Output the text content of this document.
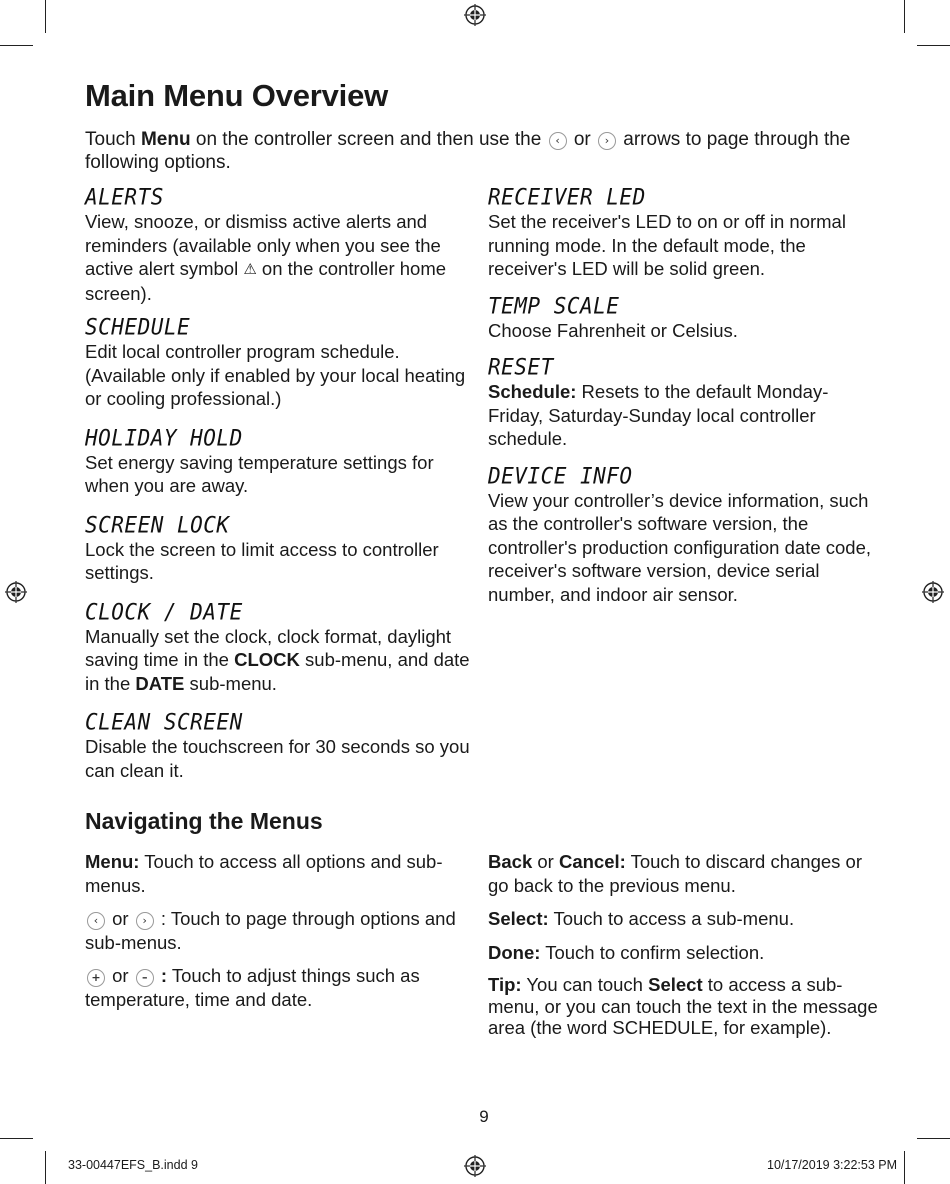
Main Menu Overview
Touch Menu on the controller screen and then use the ‹ or › arrows to page through the following options.
ALERTS
View, snooze, or dismiss active alerts and reminders (available only when you see the active alert symbol ⚠ on the controller home screen).
SCHEDULE
Edit local controller program schedule. (Available only if enabled by your local heating or cooling professional.)
HOLIDAY HOLD
Set energy saving temperature settings for when you are away.
SCREEN LOCK
Lock the screen to limit access to controller settings.
CLOCK / DATE
Manually set the clock, clock format, daylight saving time in the CLOCK sub-menu, and date in the DATE sub-menu.
CLEAN SCREEN
Disable the touchscreen for 30 seconds so you can clean it.
RECEIVER LED
Set the receiver's LED to on or off in normal running mode. In the default mode, the receiver's LED will be solid green.
TEMP SCALE
Choose Fahrenheit or Celsius.
RESET
Schedule: Resets to the default Monday-Friday, Saturday-Sunday local controller schedule.
DEVICE INFO
View your controller’s device information, such as the controller's software version, the controller's production configuration date code, receiver's software version, device serial number, and indoor air sensor.
Navigating the Menus

Menu: Touch to access all options and sub-menus.

‹ or › : Touch to page through options and sub-menus.

+ or – : Touch to adjust things such as temperature, time and date.

Back or Cancel: Touch to discard changes or go back to the previous menu.

Select: Touch to access a sub-menu.

Done: Touch to confirm selection.

Tip: You can touch Select to access a sub-menu, or you can touch the text in the message area (the word SCHEDULE, for example).

9
33-00447EFS_B.indd 9	10/17/2019 3:22:53 PM
